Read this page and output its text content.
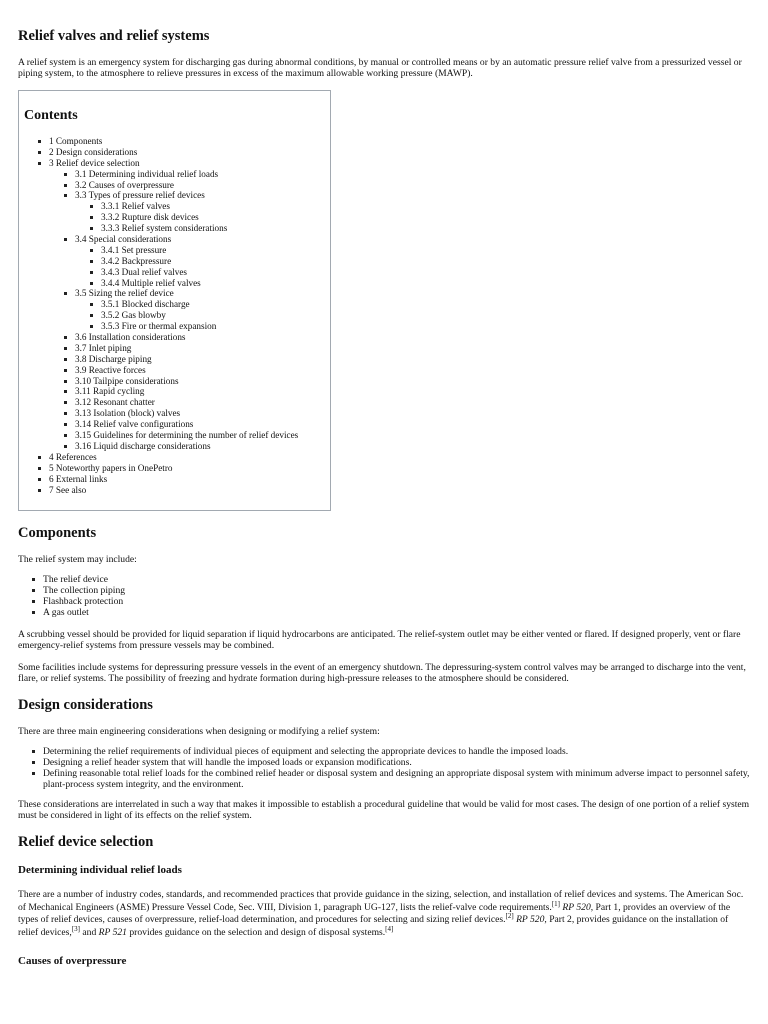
Relief valves and relief systems

A relief system is an emergency system for discharging gas during abnormal conditions, by manual or controlled means or by an automatic pressure relief valve from a pressurized vessel or piping system, to the atmosphere to relieve pressures in excess of the maximum allowable working pressure (MAWP).

Contents
1 Components
2 Design considerations
3 Relief device selection
3.1 Determining individual relief loads
3.2 Causes of overpressure
3.3 Types of pressure relief devices
3.3.1 Relief valves
3.3.2 Rupture disk devices
3.3.3 Relief system considerations
3.4 Special considerations
3.4.1 Set pressure
3.4.2 Backpressure
3.4.3 Dual relief valves
3.4.4 Multiple relief valves
3.5 Sizing the relief device
3.5.1 Blocked discharge
3.5.2 Gas blowby
3.5.3 Fire or thermal expansion
3.6 Installation considerations
3.7 Inlet piping
3.8 Discharge piping
3.9 Reactive forces
3.10 Tailpipe considerations
3.11 Rapid cycling
3.12 Resonant chatter
3.13 Isolation (block) valves
3.14 Relief valve configurations
3.15 Guidelines for determining the number of relief devices
3.16 Liquid discharge considerations
4 References
5 Noteworthy papers in OnePetro
6 External links
7 See also
Components

The relief system may include:

The relief device
The collection piping
Flashback protection
A gas outlet

A scrubbing vessel should be provided for liquid separation if liquid hydrocarbons are anticipated. The relief-system outlet may be either vented or flared. If designed properly, vent or flare emergency-relief systems from pressure vessels may be combined.

Some facilities include systems for depressuring pressure vessels in the event of an emergency shutdown. The depressuring-system control valves may be arranged to discharge into the vent, flare, or relief systems. The possibility of freezing and hydrate formation during high-pressure releases to the atmosphere should be considered.

Design considerations

There are three main engineering considerations when designing or modifying a relief system:

Determining the relief requirements of individual pieces of equipment and selecting the appropriate devices to handle the imposed loads.
Designing a relief header system that will handle the imposed loads or expansion modifications.
Defining reasonable total relief loads for the combined relief header or disposal system and designing an appropriate disposal system with minimum adverse impact to personnel safety, plant-process system integrity, and the environment.

These considerations are interrelated in such a way that makes it impossible to establish a procedural guideline that would be valid for most cases. The design of one portion of a relief system must be considered in light of its effects on the relief system.

Relief device selection
Determining individual relief loads

There are a number of industry codes, standards, and recommended practices that provide guidance in the sizing, selection, and installation of relief devices and systems. The American Soc. of Mechanical Engineers (ASME) Pressure Vessel Code, Sec. VIII, Division 1, paragraph UG-127, lists the relief-valve code requirements.[1] RP 520, Part 1, provides an overview of the types of relief devices, causes of overpressure, relief-load determination, and procedures for selecting and sizing relief devices.[2] RP 520, Part 2, provides guidance on the installation of relief devices,[3] and RP 521 provides guidance on the selection and design of disposal systems.[4]

Causes of overpressure
